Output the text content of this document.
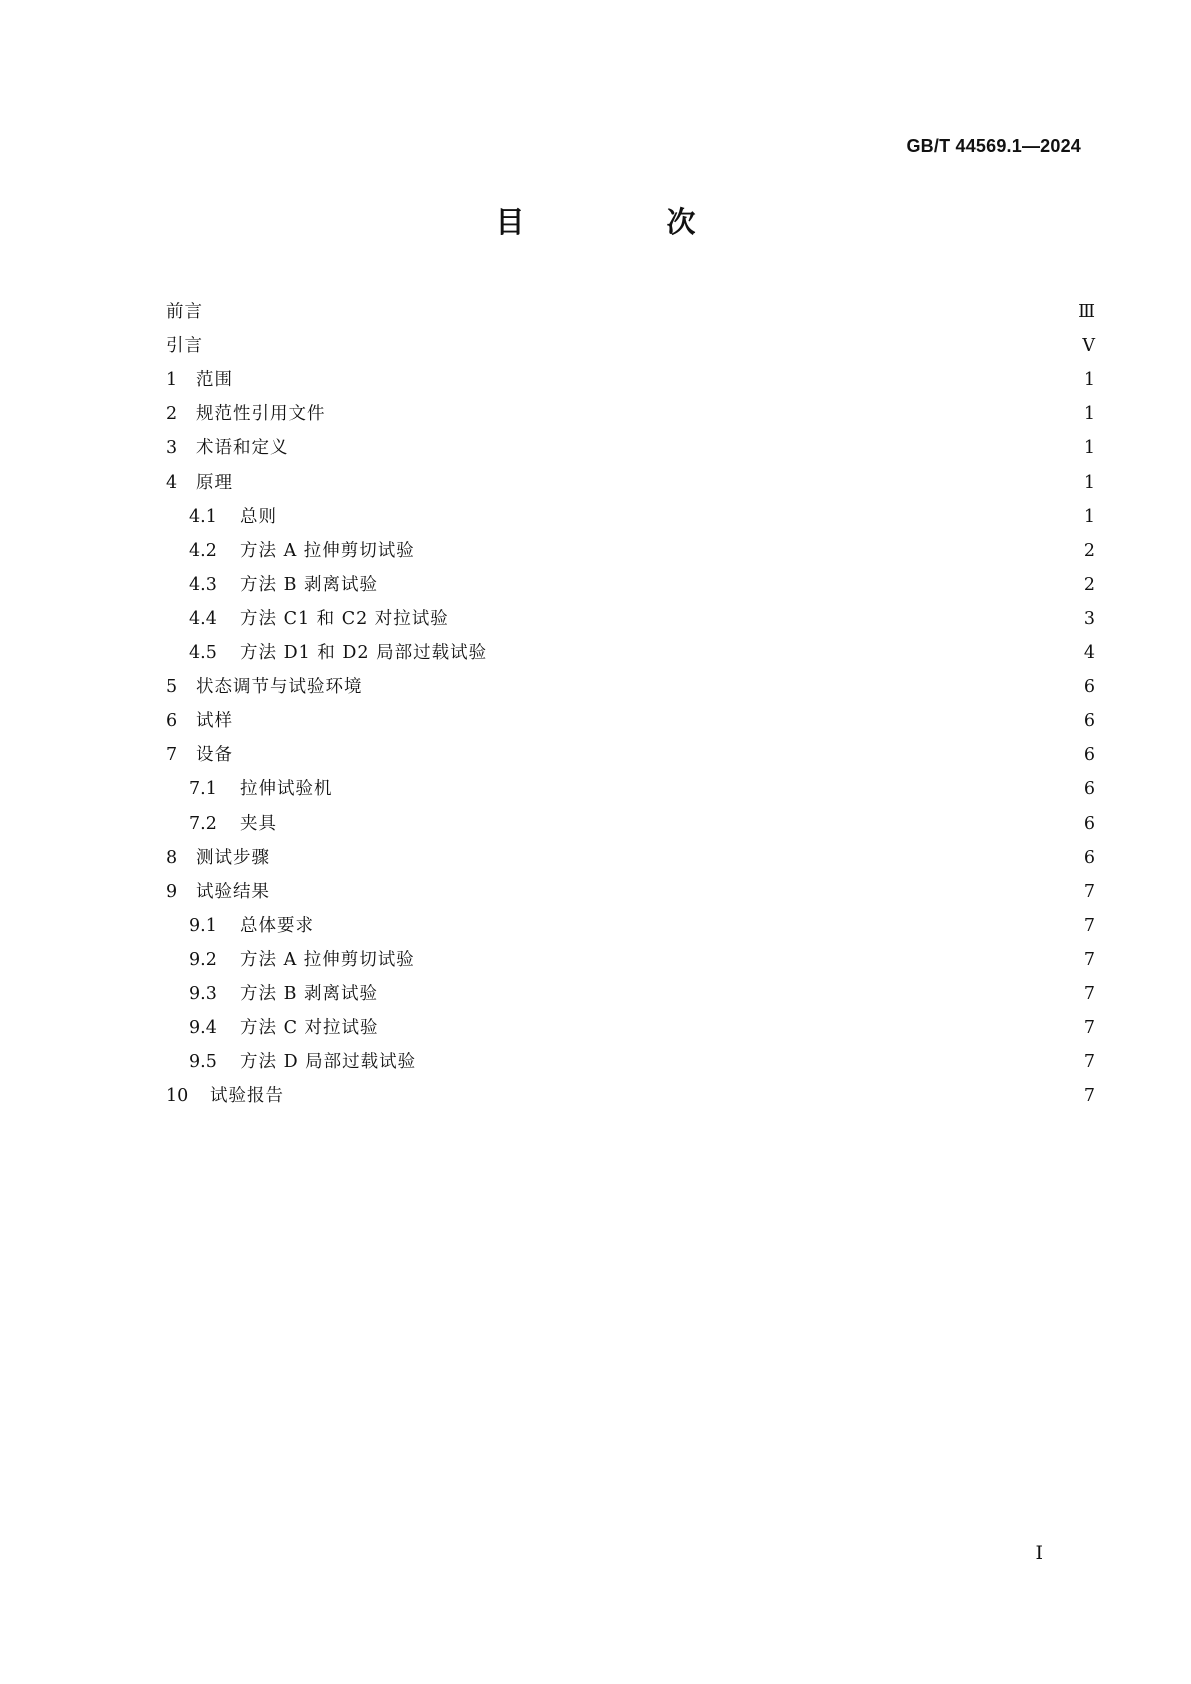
GB/T 44569.1—2024
目 次
前言	Ⅲ
引言	Ⅴ
1	范围	1
2	规范性引用文件	1
3	术语和定义	1
4	原理	1
4.1	总则	1
4.2	方法 A 拉伸剪切试验	2
4.3	方法 B 剥离试验	2
4.4	方法 C1 和 C2 对拉试验	3
4.5	方法 D1 和 D2 局部过载试验	4
5	状态调节与试验环境	6
6	试样	6
7	设备	6
7.1	拉伸试验机	6
7.2	夹具	6
8	测试步骤	6
9	试验结果	7
9.1	总体要求	7
9.2	方法 A 拉伸剪切试验	7
9.3	方法 B 剥离试验	7
9.4	方法 C 对拉试验	7
9.5	方法 D 局部过载试验	7
10	试验报告	7
Ⅰ
